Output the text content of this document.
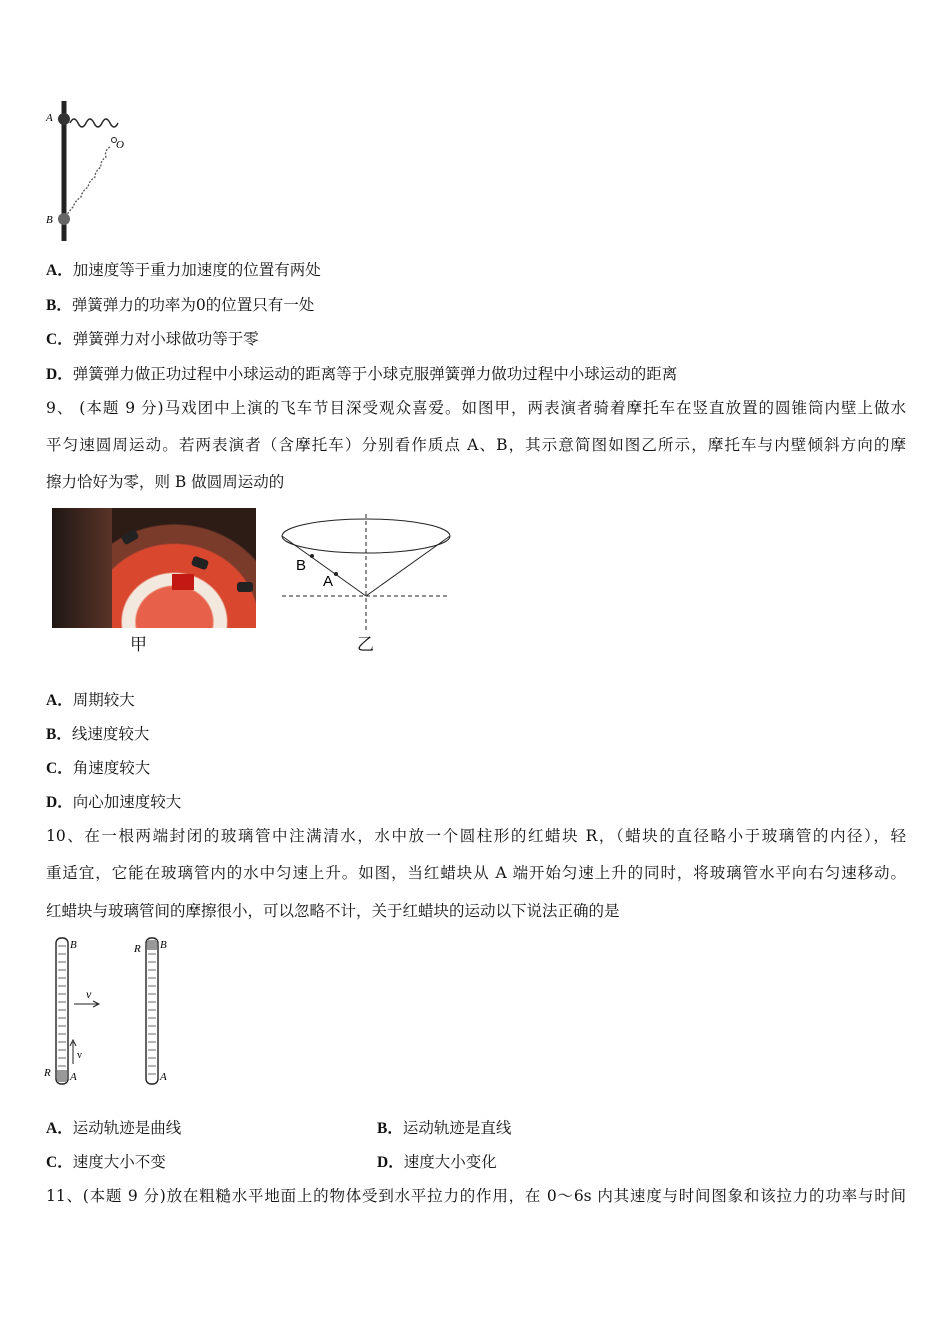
A
B
O
A．加速度等于重力加速度的位置有两处
B．弹簧弹力的功率为0的位置只有一处
C．弹簧弹力对小球做功等于零
D．弹簧弹力做正功过程中小球运动的距离等于小球克服弹簧弹力做功过程中小球运动的距离
9、 (本题 9 分)马戏团中上演的飞车节目深受观众喜爱。如图甲，两表演者骑着摩托车在竖直放置的圆锥筒内壁上做水
平匀速圆周运动。若两表演者（含摩托车）分别看作质点 A、B，其示意简图如图乙所示，摩托车与内壁倾斜方向的摩
擦力恰好为零，则 B 做圆周运动的
甲
B
A
乙
A．周期较大
B．线速度较大
C．角速度较大
D．向心加速度较大
10、在一根两端封闭的玻璃管中注满清水，水中放一个圆柱形的红蜡块 R，（蜡块的直径略小于玻璃管的内径），轻
重适宜，它能在玻璃管内的水中匀速上升。如图，当红蜡块从 A 端开始匀速上升的同时，将玻璃管水平向右匀速移动。
红蜡块与玻璃管间的摩擦很小，可以忽略不计，关于红蜡块的运动以下说法正确的是
B
A
R
v
v
B
A
R
A．运动轨迹是曲线	B．运动轨迹是直线
C．速度大小不变	D．速度大小变化
11、(本题 9 分)放在粗糙水平地面上的物体受到水平拉力的作用，在 0～6s 内其速度与时间图象和该拉力的功率与时间
